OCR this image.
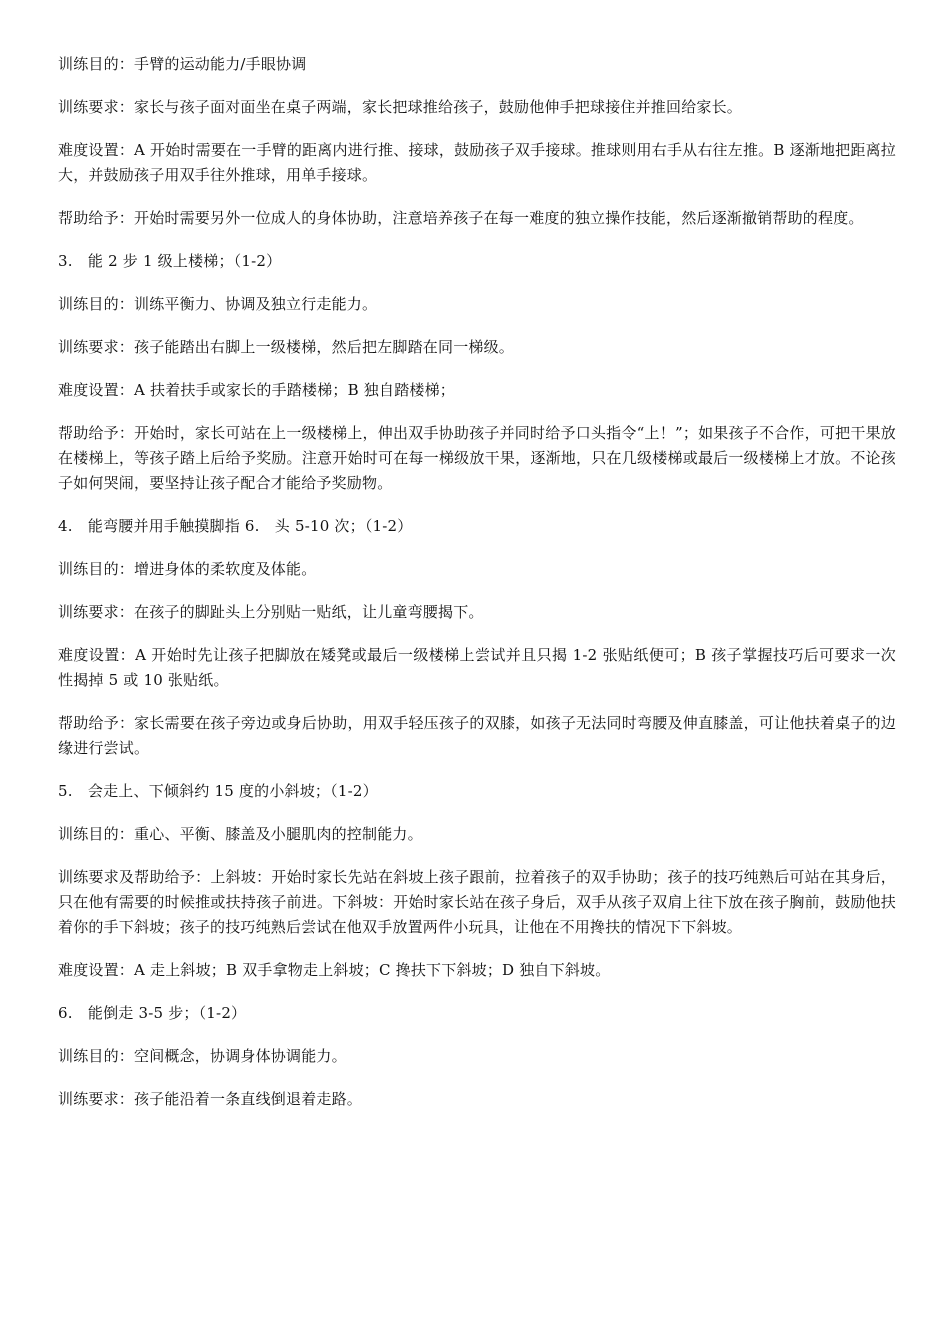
训练目的：手臂的运动能力/手眼协调

训练要求：家长与孩子面对面坐在桌子两端，家长把球推给孩子，鼓励他伸手把球接住并推回给家长。

难度设置：A 开始时需要在一手臂的距离内进行推、接球，鼓励孩子双手接球。推球则用右手从右往左推。B 逐渐地把距离拉大，并鼓励孩子用双手往外推球，用单手接球。

帮助给予：开始时需要另外一位成人的身体协助，注意培养孩子在每一难度的独立操作技能，然后逐渐撤销帮助的程度。

3.　能 2 步 1 级上楼梯；（1-2）

训练目的：训练平衡力、协调及独立行走能力。

训练要求：孩子能踏出右脚上一级楼梯，然后把左脚踏在同一梯级。

难度设置：A 扶着扶手或家长的手踏楼梯；B 独自踏楼梯；

帮助给予：开始时，家长可站在上一级楼梯上，伸出双手协助孩子并同时给予口头指令“上！”；如果孩子不合作，可把干果放在楼梯上，等孩子踏上后给予奖励。注意开始时可在每一梯级放干果，逐渐地，只在几级楼梯或最后一级楼梯上才放。不论孩子如何哭闹，要坚持让孩子配合才能给予奖励物。

4.　能弯腰并用手触摸脚指 6.　头 5-10 次；（1-2）

训练目的：增进身体的柔软度及体能。

训练要求：在孩子的脚趾头上分别贴一贴纸，让儿童弯腰揭下。

难度设置：A 开始时先让孩子把脚放在矮凳或最后一级楼梯上尝试并且只揭 1-2 张贴纸便可；B 孩子掌握技巧后可要求一次性揭掉 5 或 10 张贴纸。

帮助给予：家长需要在孩子旁边或身后协助，用双手轻压孩子的双膝，如孩子无法同时弯腰及伸直膝盖，可让他扶着桌子的边缘进行尝试。

5.　会走上、下倾斜约 15 度的小斜坡；（1-2）

训练目的：重心、平衡、膝盖及小腿肌肉的控制能力。

训练要求及帮助给予：上斜坡：开始时家长先站在斜坡上孩子跟前，拉着孩子的双手协助；孩子的技巧纯熟后可站在其身后，只在他有需要的时候推或扶持孩子前进。下斜坡：开始时家长站在孩子身后，双手从孩子双肩上往下放在孩子胸前，鼓励他扶着你的手下斜坡；孩子的技巧纯熟后尝试在他双手放置两件小玩具，让他在不用搀扶的情况下下斜坡。

难度设置：A 走上斜坡；B 双手拿物走上斜坡；C 搀扶下下斜坡；D 独自下斜坡。

6.　能倒走 3-5 步；（1-2）

训练目的：空间概念，协调身体协调能力。

训练要求：孩子能沿着一条直线倒退着走路。
